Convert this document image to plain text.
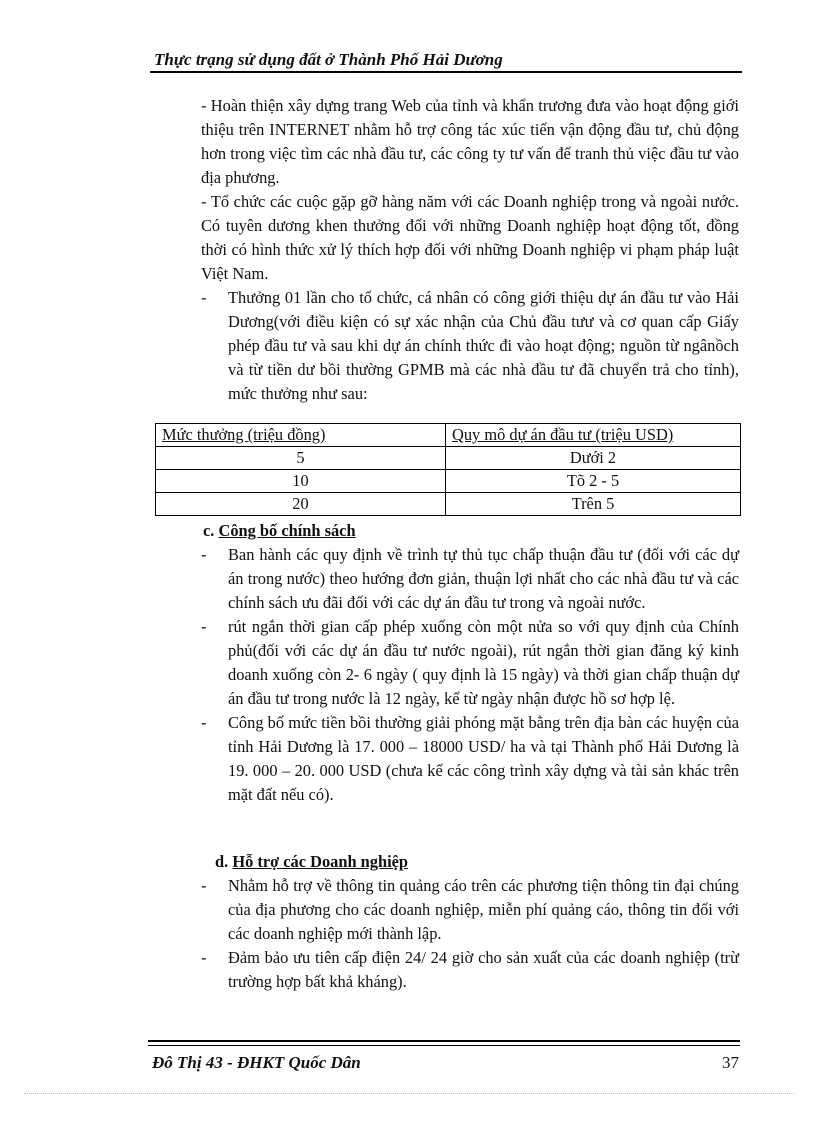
Thực trạng sử dụng đất ở Thành Phố Hải Dương

- Hoàn thiện xây dựng trang Web của tỉnh và khẩn trương đưa vào hoạt động giới thiệu trên INTERNET nhằm hỗ trợ công tác xúc tiến vận động đầu tư, chủ động hơn trong việc tìm các nhà đầu tư, các công ty tư vấn để tranh thủ việc đầu tư vào địa phương.

- Tổ chức các cuộc gặp gỡ hàng năm với các Doanh nghiệp trong và ngoài nước. Có tuyên dương khen thưởng đối với những Doanh nghiệp hoạt động tốt, đồng thời có hình thức xử lý thích hợp đối với những Doanh nghiệp vi phạm pháp luật Việt Nam.

- Thưởng 01 lần cho tổ chức, cá nhân có công giới thiệu dự án đầu tư vào Hải Dương(với điều kiện có sự xác nhận của Chủ đầu tưư và cơ quan cấp Giấy phép đầu tư và sau khi dự án chính thức đi vào hoạt động; nguồn từ ngânồch và từ tiền dư bồi thường GPMB mà các nhà đầu tư đã chuyển trả cho tỉnh), mức thưởng như sau:
Mức thưởng (triệu đồng)	Quy mô dự án đầu tư (triệu USD)
5	Dưới 2
10	Tõ 2 - 5
20	Trên 5
c. Công bố chính sách
- Ban hành các quy định về trình tự thủ tục chấp thuận đầu tư (đối với các dự án trong nước) theo hướng đơn giản, thuận lợi nhất cho các nhà đầu tư và các chính sách ưu đãi đối với các dự án đầu tư trong và ngoài nước.
- rút ngắn thời gian cấp phép xuống còn một nửa so với quy định của Chính phủ(đối với các dự án đầu tư nước ngoài), rút ngắn thời gian đăng ký kinh doanh xuống còn 2- 6 ngày ( quy định là 15 ngày) và thời gian chấp thuận dự án đầu tư trong nước là 12 ngày, kể từ ngày nhận được hồ sơ hợp lệ.
- Công bố mức tiền bồi thường giải phóng mặt bằng trên địa bàn các huyện của tỉnh Hải Dương là 17. 000 – 18000 USD/ ha và tại Thành phố Hải Dương là 19. 000 – 20. 000 USD (chưa kể các công trình xây dựng và tài sản khác trên mặt đất nếu có).
d. Hỗ trợ các Doanh nghiệp
- Nhằm hỗ trợ về thông tin quảng cáo trên các phương tiện thông tin đại chúng của địa phương cho các doanh nghiệp, miễn phí quảng cáo, thông tin đối với các doanh nghiệp mới thành lập.
- Đảm bảo ưu tiên cấp điện 24/ 24 giờ cho sản xuất của các doanh nghiệp (trừ trường hợp bất khả kháng).
Đô Thị 43 - ĐHKT Quốc Dân	37
